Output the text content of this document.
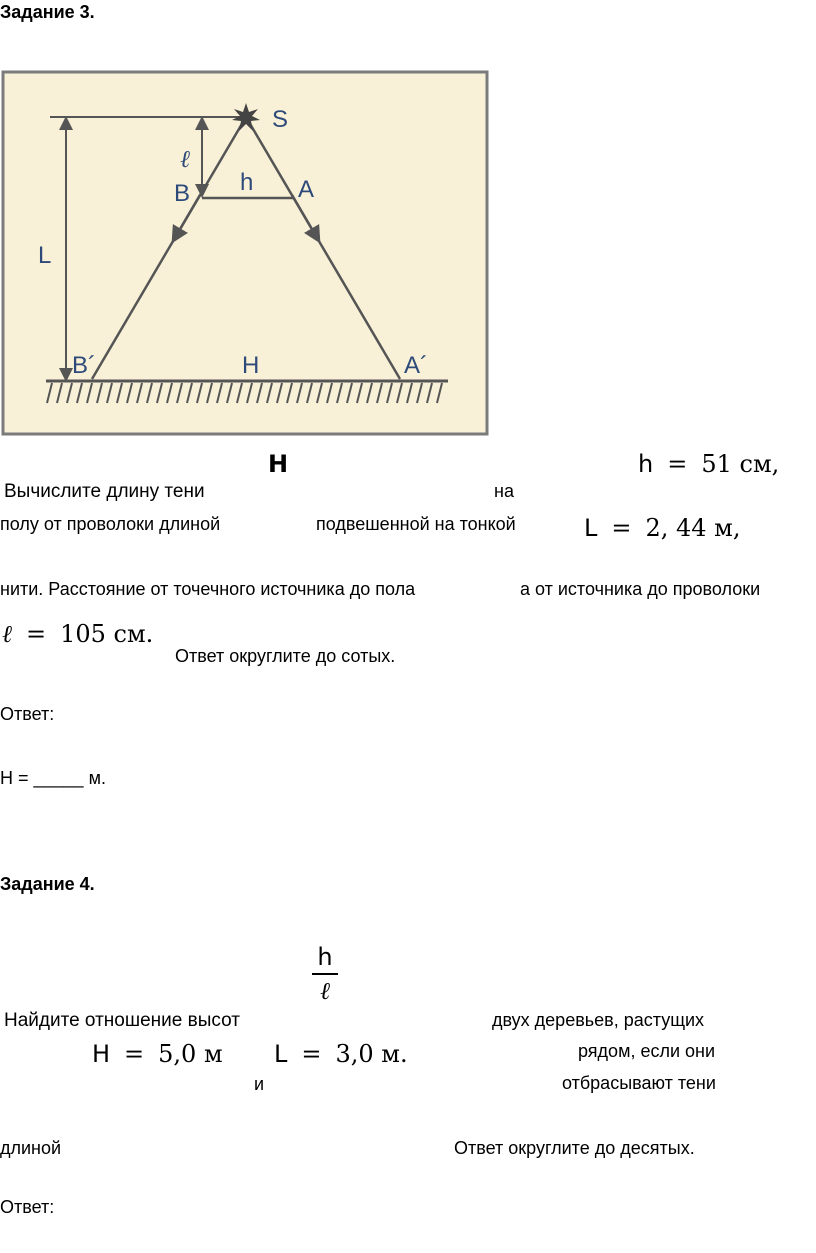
Задание 3.
S
ℓ
B h A
L
B´	H	A´
H	h = 51 см,
Вычислите длину тени	на
полу от проволоки длиной	подвешенной на тонкой	L = 2, 44 м,
нити. Расстояние от точечного источника до пола	а от источника до проволоки
ℓ = 105 см.
Ответ округлите до сотых.
Ответ:
H = _____ м.
Задание 4.
h
ℓ
Найдите отношение высот	двух деревьев, растущих
H = 5,0 м L = 3,0 м.	рядом, если они
и	отбрасывают тени
длиной	Ответ округлите до десятых.
Ответ:
